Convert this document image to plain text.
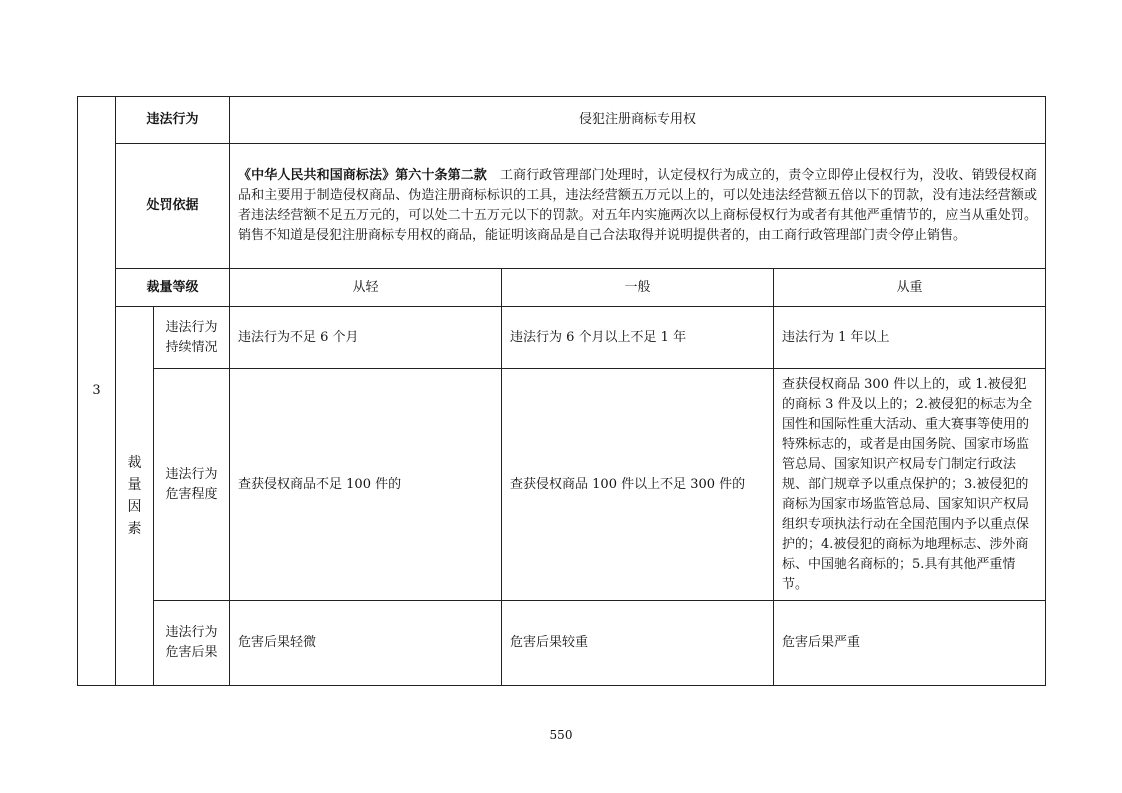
3	违法行为		侵犯注册商标专用权		
	处罚依据		《中华人民共和国商标法》第六十条第二款　工商行政管理部门处理时，认定侵权行为成立的，责令立即停止侵权行为，没收、销毁侵权商品和主要用于制造侵权商品、伪造注册商标标识的工具，违法经营额五万元以上的，可以处违法经营额五倍以下的罚款，没有违法经营额或者违法经营额不足五万元的，可以处二十五万元以下的罚款。对五年内实施两次以上商标侵权行为或者有其他严重情节的，应当从重处罚。销售不知道是侵犯注册商标专用权的商品，能证明该商品是自己合法取得并说明提供者的，由工商行政管理部门责令停止销售。		
	裁量等级		从轻	一般	从重
	裁量因素	违法行为持续情况	违法行为不足 6 个月	违法行为 6 个月以上不足 1 年	违法行为 1 年以上
		违法行为危害程度	查获侵权商品不足 100 件的	查获侵权商品 100 件以上不足 300 件的	查获侵权商品 300 件以上的，或 1.被侵犯的商标 3 件及以上的；2.被侵犯的标志为全国性和国际性重大活动、重大赛事等使用的特殊标志的，或者是由国务院、国家市场监管总局、国家知识产权局专门制定行政法规、部门规章予以重点保护的；3.被侵犯的商标为国家市场监管总局、国家知识产权局组织专项执法行动在全国范围内予以重点保护的；4.被侵犯的商标为地理标志、涉外商标、中国驰名商标的；5.具有其他严重情节。
		违法行为危害后果	危害后果轻微	危害后果较重	危害后果严重
550
